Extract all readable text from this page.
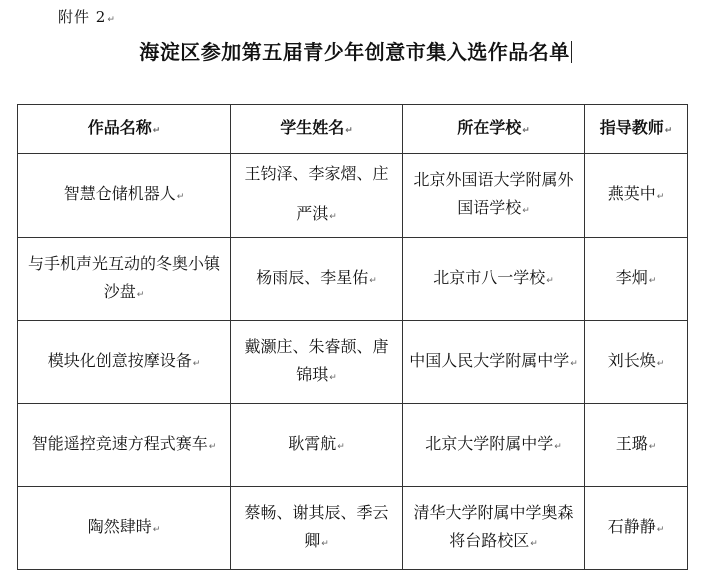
附件 2↵
海淀区参加第五届青少年创意市集入选作品名单
作品名称↵	学生姓名↵	所在学校↵	指导教师↵
智慧仓储机器人↵	王钧泽、李家熠、庄严淇↵	北京外国语大学附属外国语学校↵	燕英中↵
与手机声光互动的冬奥小镇沙盘↵	杨雨辰、李星佑↵	北京市八一学校↵	李炯↵
模块化创意按摩设备↵	戴灏庄、朱睿颉、唐锦琪↵	中国人民大学附属中学↵	刘长焕↵
智能遥控竞速方程式赛车↵	耿霄航↵	北京大学附属中学↵	王璐↵
陶然肆時↵	蔡畅、谢其辰、季云卿↵	清华大学附属中学奥森将台路校区↵	石静静↵
